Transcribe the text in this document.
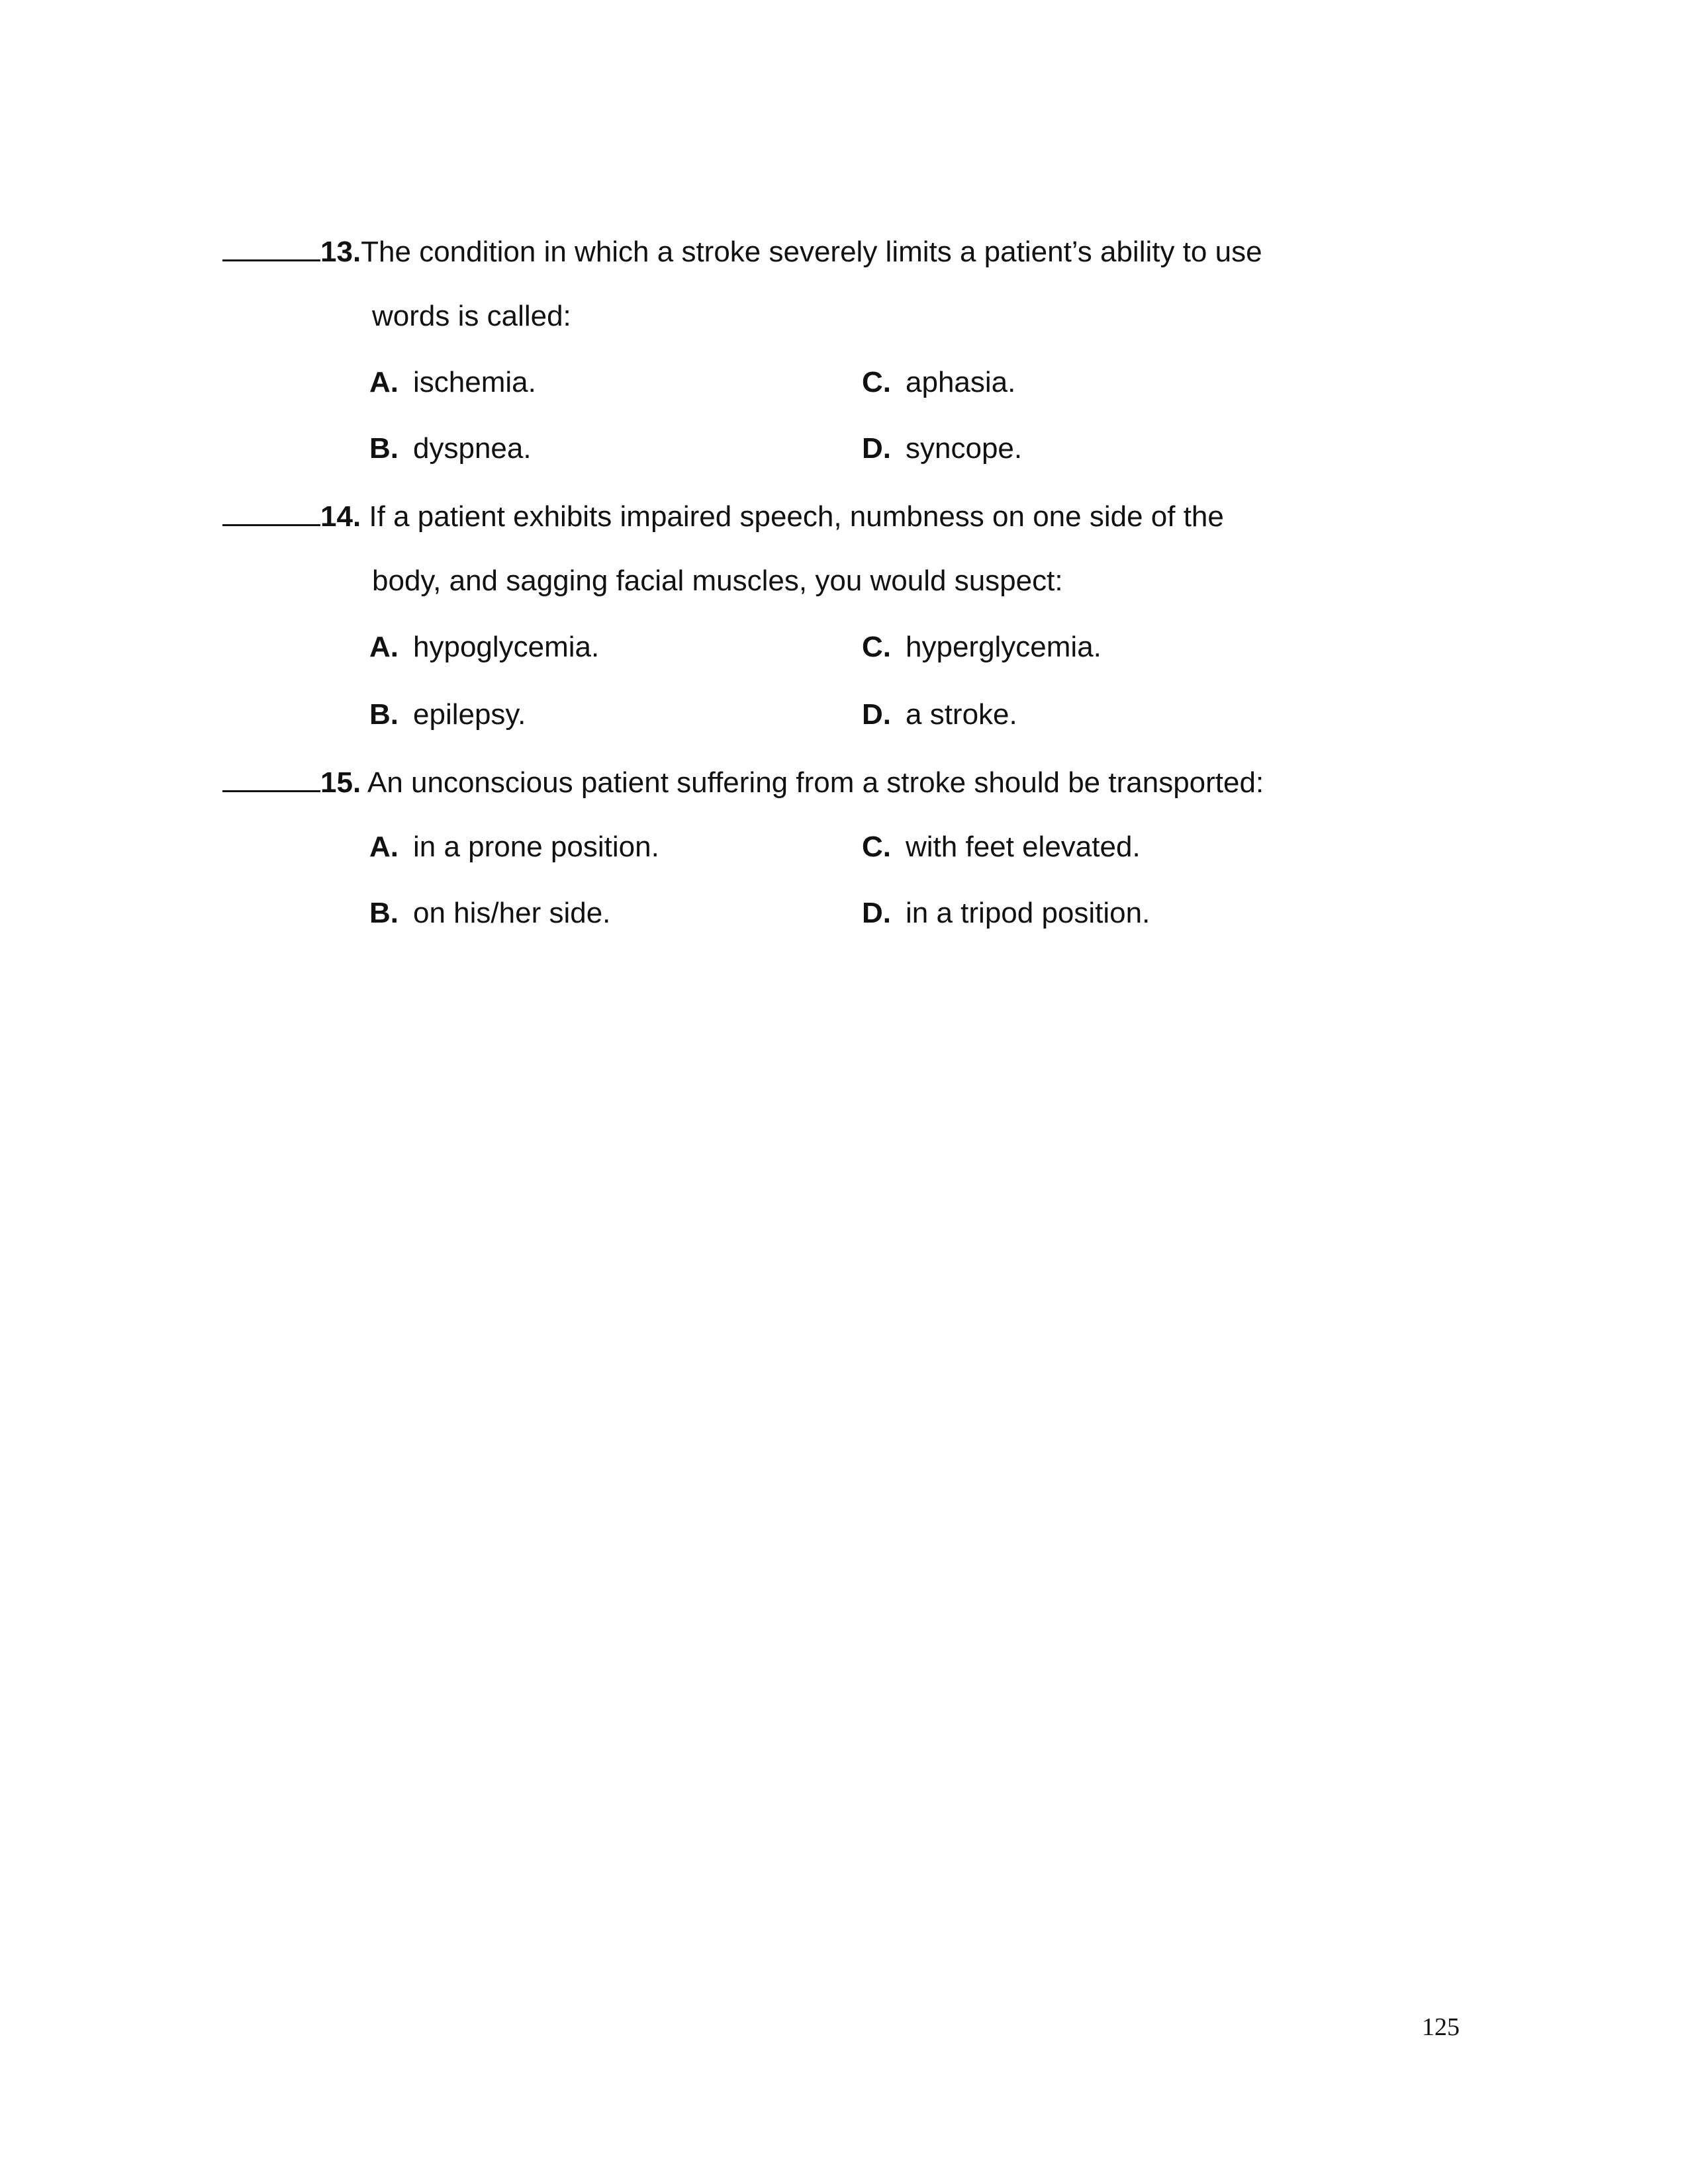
13.The condition in which a stroke severely limits a patient’s ability to use
words is called:
A. ischemia.	C. aphasia.
B. dyspnea.	D. syncope.
14. If a patient exhibits impaired speech, numbness on one side of the
body, and sagging facial muscles, you would suspect:
A. hypoglycemia.	C. hyperglycemia.
B. epilepsy.	D. a stroke.
15. An unconscious patient suffering from a stroke should be transported:
A. in a prone position.	C. with feet elevated.
B. on his/her side.	D. in a tripod position.
125
